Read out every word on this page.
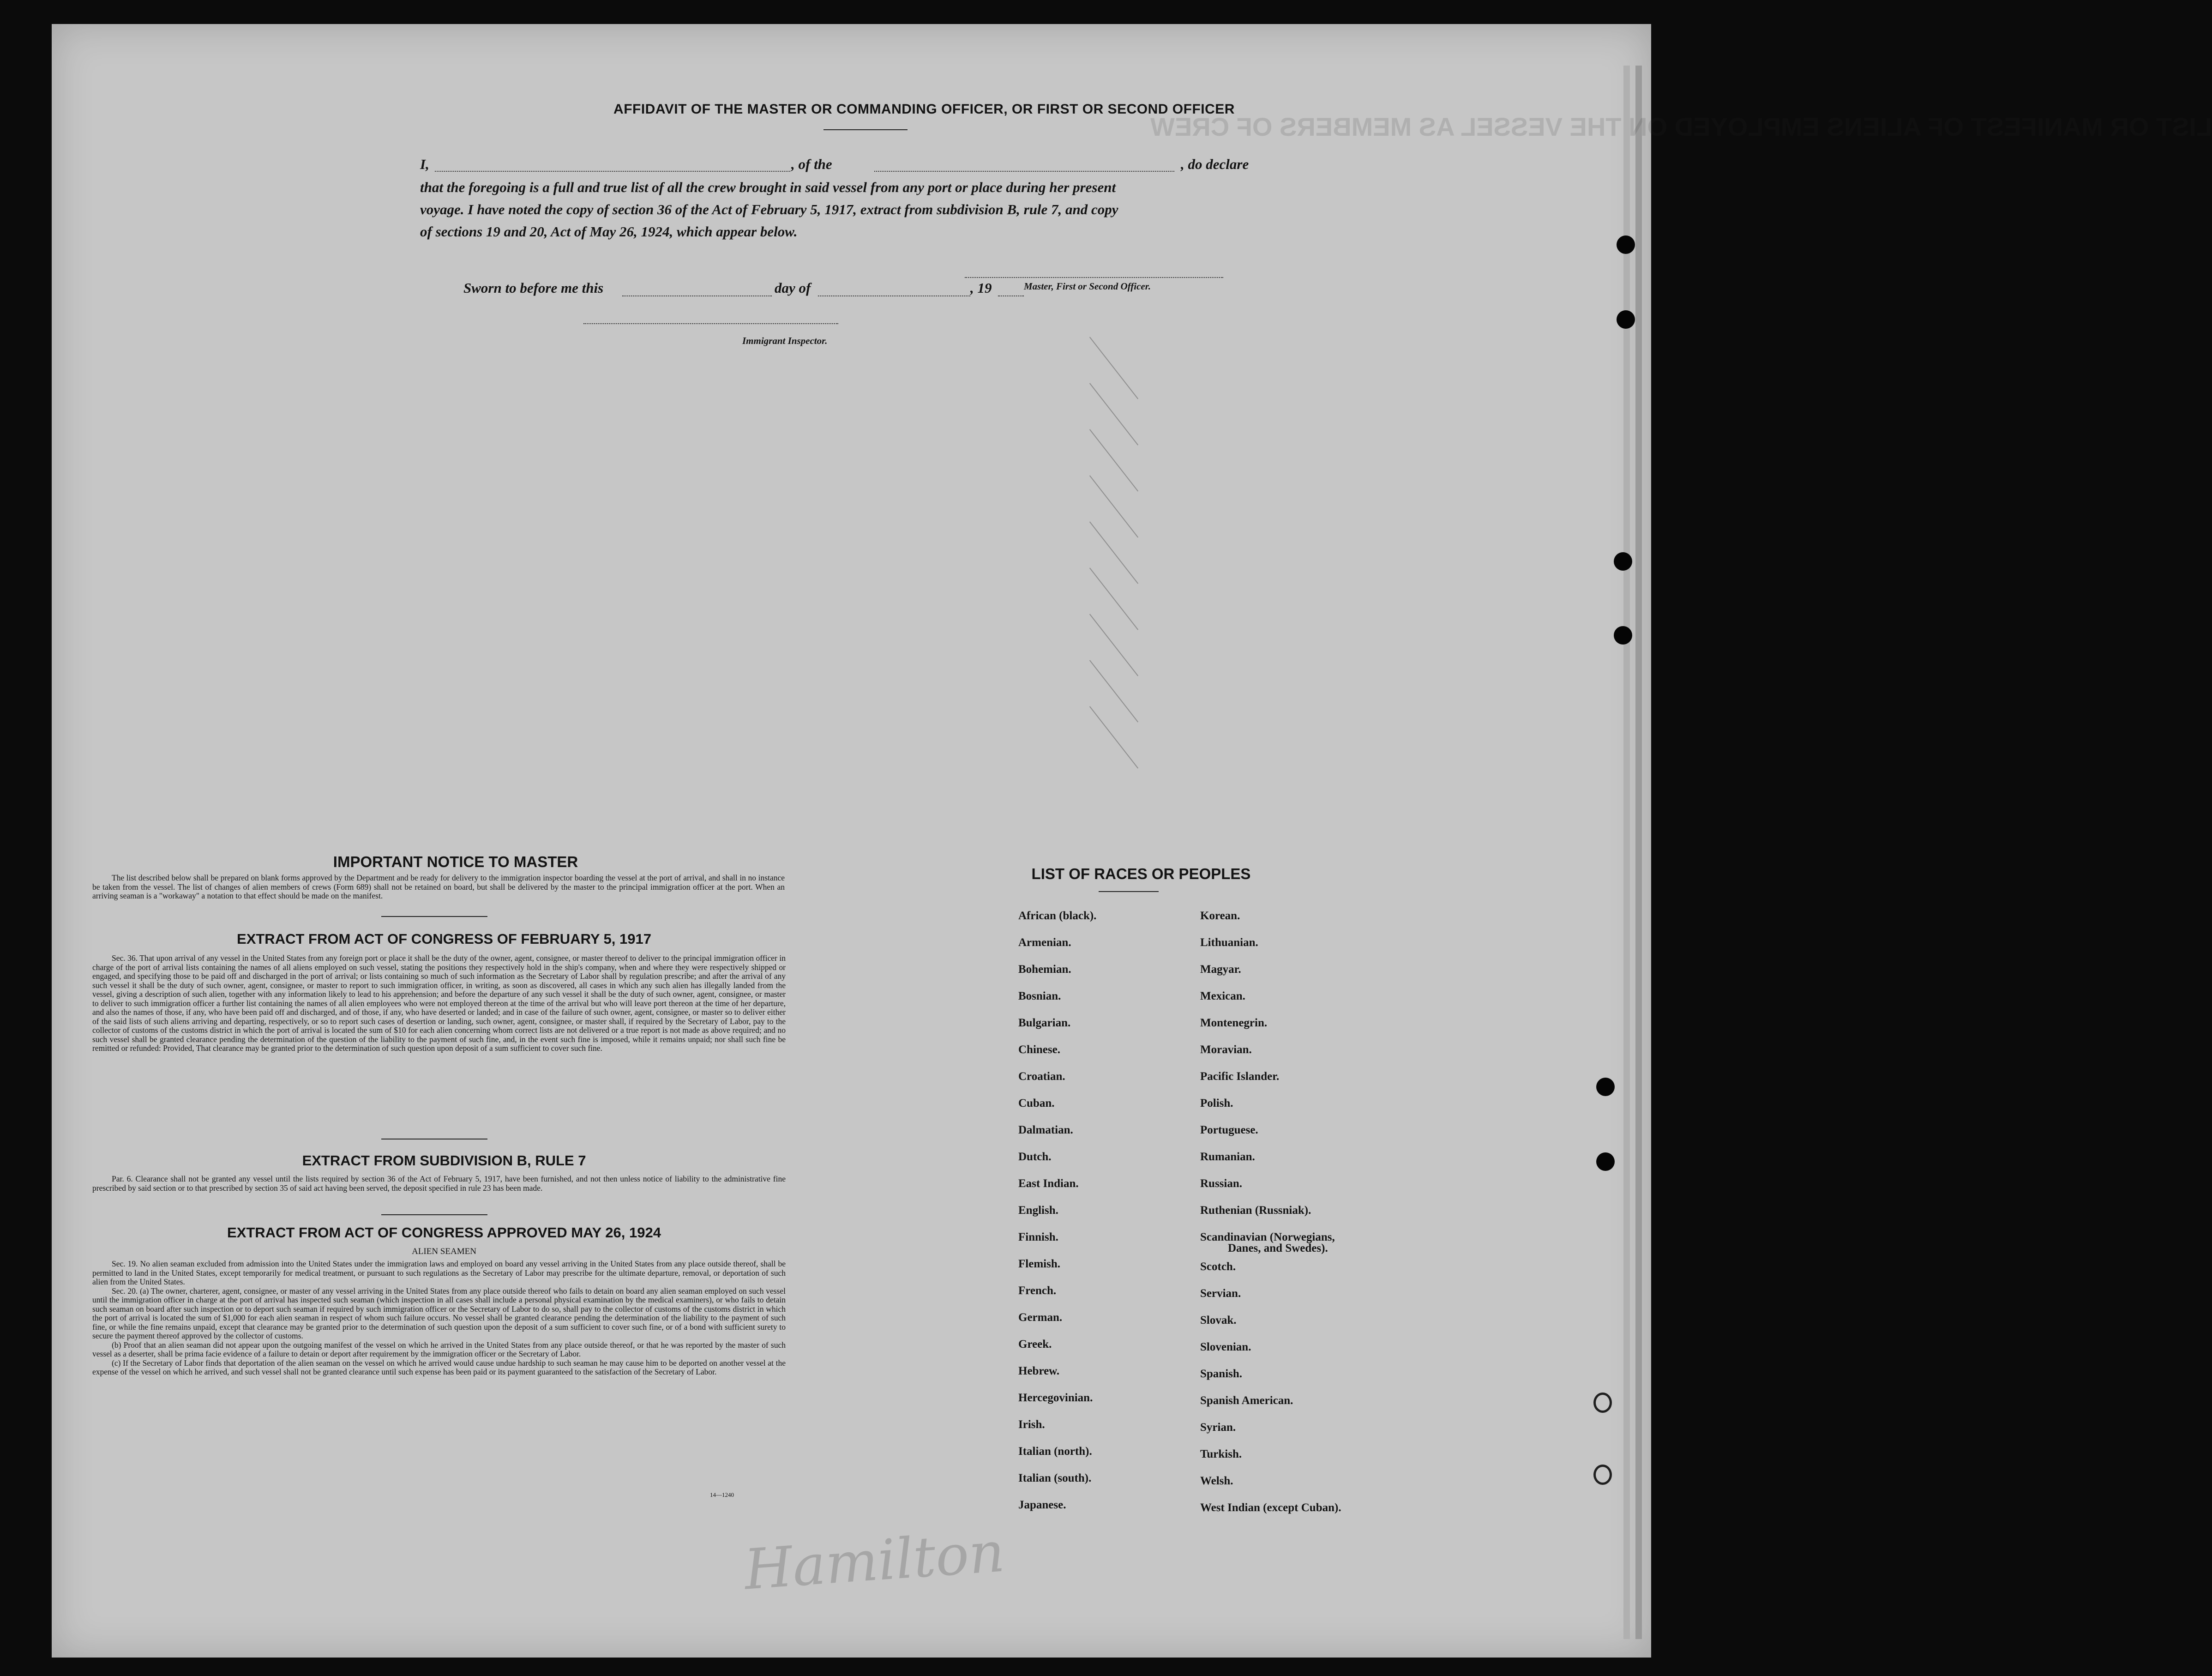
LIST OR MANIFEST OF ALIENS EMPLOYED ON THE VESSEL AS MEMBERS OF CREW
AFFIDAVIT OF THE MASTER OR COMMANDING OFFICER, OR FIRST OR SECOND OFFICER
I,	, of the	, do declare
that the foregoing is a full and true list of all the crew brought in said vessel from any port or place during her present
voyage. I have noted the copy of section 36 of the Act of February 5, 1917, extract from subdivision B, rule 7, and copy
of sections 19 and 20, Act of May 26, 1924, which appear below.
Master, First or Second Officer.
Sworn to before me this	day of	, 19
Immigrant Inspector.
IMPORTANT NOTICE TO MASTER

The list described below shall be prepared on blank forms approved by the Department and be ready for delivery to the immigration inspector boarding the vessel at the port of arrival, and shall in no instance be taken from the vessel. The list of changes of alien members of crews (Form 689) shall not be retained on board, but shall be delivered by the master to the principal immigration officer at the port. When an arriving seaman is a "workaway" a notation to that effect should be made on the manifest.

EXTRACT FROM ACT OF CONGRESS OF FEBRUARY 5, 1917

Sec. 36. That upon arrival of any vessel in the United States from any foreign port or place it shall be the duty of the owner, agent, consignee, or master thereof to deliver to the principal immigration officer in charge of the port of arrival lists containing the names of all aliens employed on such vessel, stating the positions they respectively hold in the ship's company, when and where they were respectively shipped or engaged, and specifying those to be paid off and discharged in the port of arrival; or lists containing so much of such information as the Secretary of Labor shall by regulation prescribe; and after the arrival of any such vessel it shall be the duty of such owner, agent, consignee, or master to report to such immigration officer, in writing, as soon as discovered, all cases in which any such alien has illegally landed from the vessel, giving a description of such alien, together with any information likely to lead to his apprehension; and before the departure of any such vessel it shall be the duty of such owner, agent, consignee, or master to deliver to such immigration officer a further list containing the names of all alien employees who were not employed thereon at the time of the arrival but who will leave port thereon at the time of her departure, and also the names of those, if any, who have been paid off and discharged, and of those, if any, who have deserted or landed; and in case of the failure of such owner, agent, consignee, or master so to deliver either of the said lists of such aliens arriving and departing, respectively, or so to report such cases of desertion or landing, such owner, agent, consignee, or master shall, if required by the Secretary of Labor, pay to the collector of customs of the customs district in which the port of arrival is located the sum of $10 for each alien concerning whom correct lists are not delivered or a true report is not made as above required; and no such vessel shall be granted clearance pending the determination of the question of the liability to the payment of such fine, and, in the event such fine is imposed, while it remains unpaid; nor shall such fine be remitted or refunded: Provided, That clearance may be granted prior to the determination of such question upon deposit of a sum sufficient to cover such fine.

EXTRACT FROM SUBDIVISION B, RULE 7

Par. 6. Clearance shall not be granted any vessel until the lists required by section 36 of the Act of February 5, 1917, have been furnished, and not then unless notice of liability to the administrative fine prescribed by said section or to that prescribed by section 35 of said act having been served, the deposit specified in rule 23 has been made.

EXTRACT FROM ACT OF CONGRESS APPROVED MAY 26, 1924
ALIEN SEAMEN

Sec. 19. No alien seaman excluded from admission into the United States under the immigration laws and employed on board any vessel arriving in the United States from any place outside thereof, shall be permitted to land in the United States, except temporarily for medical treatment, or pursuant to such regulations as the Secretary of Labor may prescribe for the ultimate departure, removal, or deportation of such alien from the United States.

Sec. 20. (a) The owner, charterer, agent, consignee, or master of any vessel arriving in the United States from any place outside thereof who fails to detain on board any alien seaman employed on such vessel until the immigration officer in charge at the port of arrival has inspected such seaman (which inspection in all cases shall include a personal physical examination by the medical examiners), or who fails to detain such seaman on board after such inspection or to deport such seaman if required by such immigration officer or the Secretary of Labor to do so, shall pay to the collector of customs of the customs district in which the port of arrival is located the sum of $1,000 for each alien seaman in respect of whom such failure occurs. No vessel shall be granted clearance pending the determination of the liability to the payment of such fine, or while the fine remains unpaid, except that clearance may be granted prior to the determination of such question upon the deposit of a sum sufficient to cover such fine, or of a bond with sufficient surety to secure the payment thereof approved by the collector of customs.

(b) Proof that an alien seaman did not appear upon the outgoing manifest of the vessel on which he arrived in the United States from any place outside thereof, or that he was reported by the master of such vessel as a deserter, shall be prima facie evidence of a failure to detain or deport after requirement by the immigration officer or the Secretary of Labor.

(c) If the Secretary of Labor finds that deportation of the alien seaman on the vessel on which he arrived would cause undue hardship to such seaman he may cause him to be deported on another vessel at the expense of the vessel on which he arrived, and such vessel shall not be granted clearance until such expense has been paid or its payment guaranteed to the satisfaction of the Secretary of Labor.

14—1240
LIST OF RACES OR PEOPLES
African (black).
Armenian.
Bohemian.
Bosnian.
Bulgarian.
Chinese.
Croatian.
Cuban.
Dalmatian.
Dutch.
East Indian.
English.
Finnish.
Flemish.
French.
German.
Greek.
Hebrew.
Hercegovinian.
Irish.
Italian (north).
Italian (south).
Japanese.
Korean.
Lithuanian.
Magyar.
Mexican.
Montenegrin.
Moravian.
Pacific Islander.
Polish.
Portuguese.
Rumanian.
Russian.
Ruthenian (Russniak).
Scandinavian (Norwegians,
Danes, and Swedes).
Scotch.
Servian.
Slovak.
Slovenian.
Spanish.
Spanish American.
Syrian.
Turkish.
Welsh.
West Indian (except Cuban).
Hamilton
